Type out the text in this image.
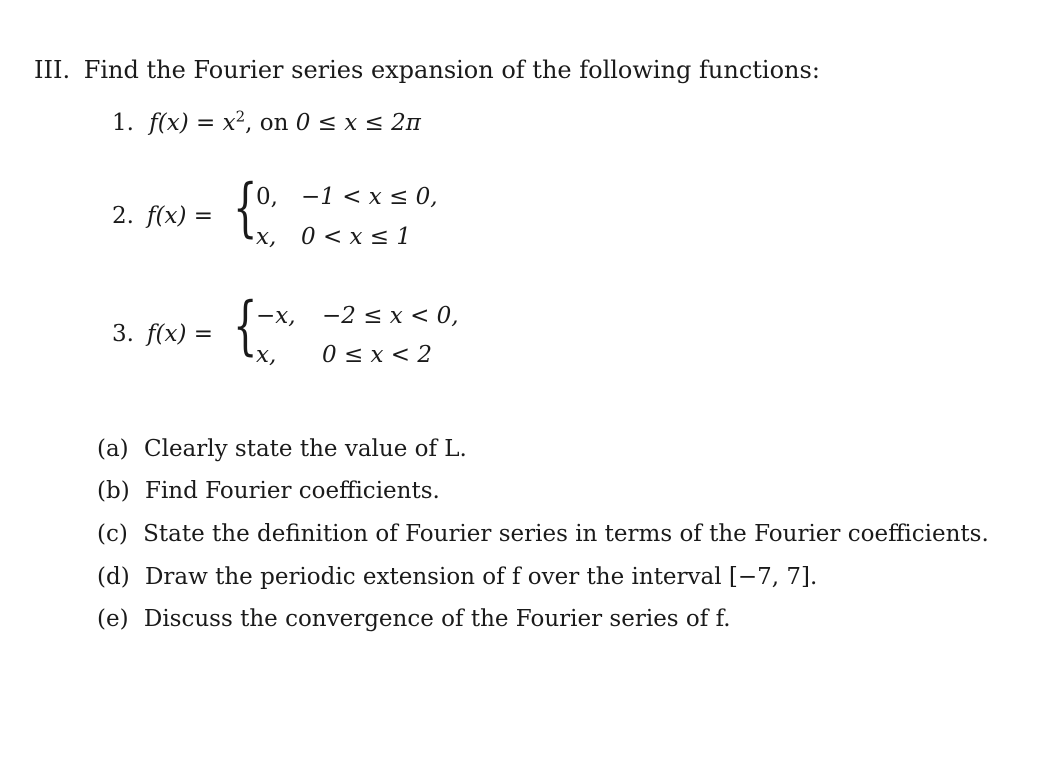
III. Find the Fourier series expansion of the following functions:
1. $f(x) = x^2$, on 0 ≤ x ≤ 2π
2. f(x) = {
0, −1 < x ≤ 0,
x, 0 < x ≤ 1
3. f(x) = {
−x, −2 ≤ x < 0,
x, 0 ≤ x < 2
(a) Clearly state the value of L.
(b) Find Fourier coefficients.
(c) State the definition of Fourier series in terms of the Fourier coefficients.
(d) Draw the periodic extension of f over the interval [−7, 7].
(e) Discuss the convergence of the Fourier series of f.
